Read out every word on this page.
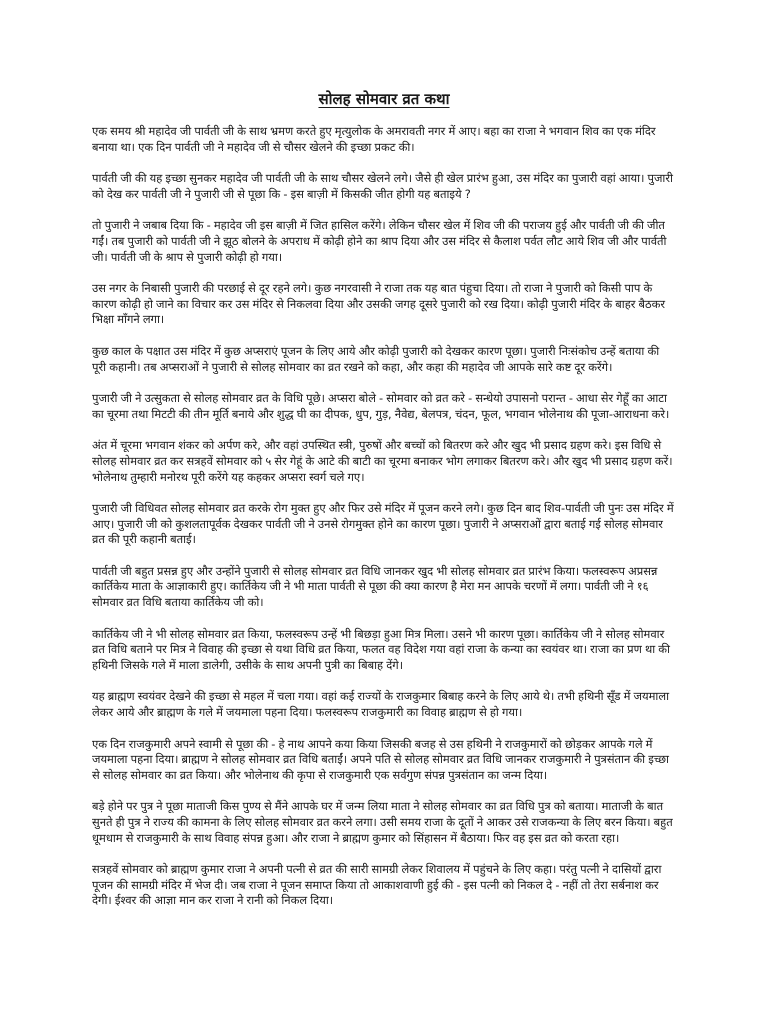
सोलह सोमवार व्रत कथा

एक समय श्री महादेव जी पार्वती जी के साथ भ्रमण करते हुए मृत्युलोक के अमरावती नगर में आए। बहा का राजा ने भगवान शिव का एक मंदिर बनाया था। एक दिन पार्वती जी ने महादेव जी से चौसर खेलने की इच्छा प्रकट की।

पार्वती जी की यह इच्छा सुनकर महादेव जी पार्वती जी के साथ चौसर खेलने लगे। जैसे ही खेल प्रारंभ हुआ, उस मंदिर का पुजारी वहां आया। पुजारी को देख कर पार्वती जी ने पुजारी जी से पूछा कि - इस बाज़ी में किसकी जीत होगी यह बताइये ?

तो पुजारी ने जबाब दिया कि - महादेव जी इस बाज़ी में जित हासिल करेंगे। लेकिन चौसर खेल में शिव जी की पराजय हुई और पार्वती जी की जीत गईं। तब पुजारी को पार्वती जी ने झूठ बोलने के अपराध में कोढ़ी होने का श्राप दिया और उस मंदिर से कैलाश पर्वत लौट आये शिव जी और पार्वती जी। पार्वती जी के श्राप से पुजारी कोढ़ी हो गया।

उस नगर के निबासी पुजारी की परछाई से दूर रहने लगे। कुछ नगरवासी ने राजा तक यह बात पंहुचा दिया। तो राजा ने पुजारी को किसी पाप के कारण कोढ़ी हो जाने का विचार कर उस मंदिर से निकलवा दिया और उसकी जगह दूसरे पुजारी को रख दिया। कोढ़ी पुजारी मंदिर के बाहर बैठकर भिक्षा माँगने लगा।

कुछ काल के पक्षात उस मंदिर में कुछ अप्सराएं पूजन के लिए आये और कोढ़ी पुजारी को देखकर कारण पूछा। पुजारी निःसंकोच उन्हें बताया की पूरी कहानी। तब अप्सराओं ने पुजारी से सोलह सोमवार का व्रत रखने को कहा, और कहा की महादेव जी आपके सारे कष्ट दूर करेंगे।

पुजारी जी ने उत्सुकता से सोलह सोमवार व्रत के विधि पूछे। अप्सरा बोले - सोमवार को व्रत करे - सन्धेयो उपासनो परान्त - आधा सेर गेहूँ का आटा का चूरमा तथा मिटटी की तीन मूर्ति बनाये और शुद्ध घी का दीपक, धुप, गुड़, नैवेद्य, बेलपत्र, चंदन, फूल, भगवान भोलेनाथ की पूजा-आराधना करे।

अंत में चूरमा भगवान शंकर को अर्पण करे, और वहां उपस्थित स्त्री, पुरुषों और बच्चों को बितरण करे और खुद भी प्रसाद ग्रहण करे। इस विधि से सोलह सोमवार व्रत कर सत्रहवें सोमवार को ५ सेर गेहूं के आटे की बाटी का चूरमा बनाकर भोग लगाकर बितरण करे। और खुद भी प्रसाद ग्रहण करें। भोलेनाथ तुम्हारी मनोरथ पूरी करेंगे यह कहकर अप्सरा स्वर्ग चले गए।

पुजारी जी विधिवत सोलह सोमवार व्रत करके रोग मुक्त हुए और फिर उसे मंदिर में पूजन करने लगे। कुछ दिन बाद शिव-पार्वती जी पुनः उस मंदिर में आए। पुजारी जी को कुशलतापूर्वक देखकर पार्वती जी ने उनसे रोगमुक्त होने का कारण पूछा। पुजारी ने अप्सराओं द्वारा बताई गई सोलह सोमवार व्रत की पूरी कहानी बताई।

पार्वती जी बहुत प्रसन्न हुए और उन्होंने पुजारी से सोलह सोमवार व्रत विधि जानकर खुद भी सोलह सोमवार व्रत प्रारंभ किया। फलस्वरूप अप्रसन्न कार्तिकेय माता के आज्ञाकारी हुए। कार्तिकेय जी ने भी माता पार्वती से पूछा की क्या कारण है मेरा मन आपके चरणों में लगा। पार्वती जी ने १६ सोमवार व्रत विधि बताया कार्तिकेय जी को।

कार्तिकेय जी ने भी सोलह सोमवार व्रत किया, फलस्वरूप उन्हें भी बिछड़ा हुआ मित्र मिला। उसने भी कारण पूछा। कार्तिकेय जी ने सोलह सोमवार व्रत विधि बताने पर मित्र ने विवाह की इच्छा से यथा विधि व्रत किया, फलत वह विदेश गया वहां राजा के कन्या का स्वयंवर था। राजा का प्रण था की हथिनी जिसके गले में माला डालेगी, उसीके के साथ अपनी पुत्री का बिबाह देंगे।

यह ब्राह्मण स्वयंवर देखने की इच्छा से महल में चला गया। वहां कई राज्यों के राजकुमार बिबाह करने के लिए आये थे। तभी हथिनी सूँड में जयमाला लेकर आये और ब्राह्मण के गले में जयमाला पहना दिया। फलस्वरूप राजकुमारी का विवाह ब्राह्मण से हो गया।

एक दिन राजकुमारी अपने स्वामी से पूछा की - हे नाथ आपने कया किया जिसकी बजह से उस हथिनी ने राजकुमारों को छोड़कर आपके गले में जयमाला पहना दिया। ब्राह्मण ने सोलह सोमवार व्रत विधि बताईं। अपने पति से सोलह सोमवार व्रत विधि जानकर राजकुमारी ने पुत्रसंतान की इच्छा से सोलह सोमवार का व्रत किया। और भोलेनाथ की कृपा से राजकुमारी एक सर्वगुण संपन्न पुत्रसंतान का जन्म दिया।

बड़े होने पर पुत्र ने पूछा माताजी किस पुण्य से मैंने आपके घर में जन्म लिया माता ने सोलह सोमवार का व्रत विधि पुत्र को बताया। माताजी के बात सुनते ही पुत्र ने राज्य की कामना के लिए सोलह सोमवार व्रत करने लगा। उसी समय राजा के दूतों ने आकर उसे राजकन्या के लिए बरन किया। बहुत धूमधाम से राजकुमारी के साथ विवाह संपन्न हुआ। और राजा ने ब्राह्मण कुमार को सिंहासन में बैठाया। फिर वह इस व्रत को करता रहा।

सत्रहवें सोमवार को ब्राह्मण कुमार राजा ने अपनी पत्नी से व्रत की सारी सामग्री लेकर शिवालय में पहुंचने के लिए कहा। परंतु पत्नी ने दासियों द्वारा पूजन की सामग्री मंदिर में भेज दी। जब राजा ने पूजन समाप्त किया तो आकाशवाणी हुई की - इस पत्नी को निकल दे - नहीं तो तेरा सर्बनाश कर देगी। ईश्वर की आज्ञा मान कर राजा ने रानी को निकल दिया।
